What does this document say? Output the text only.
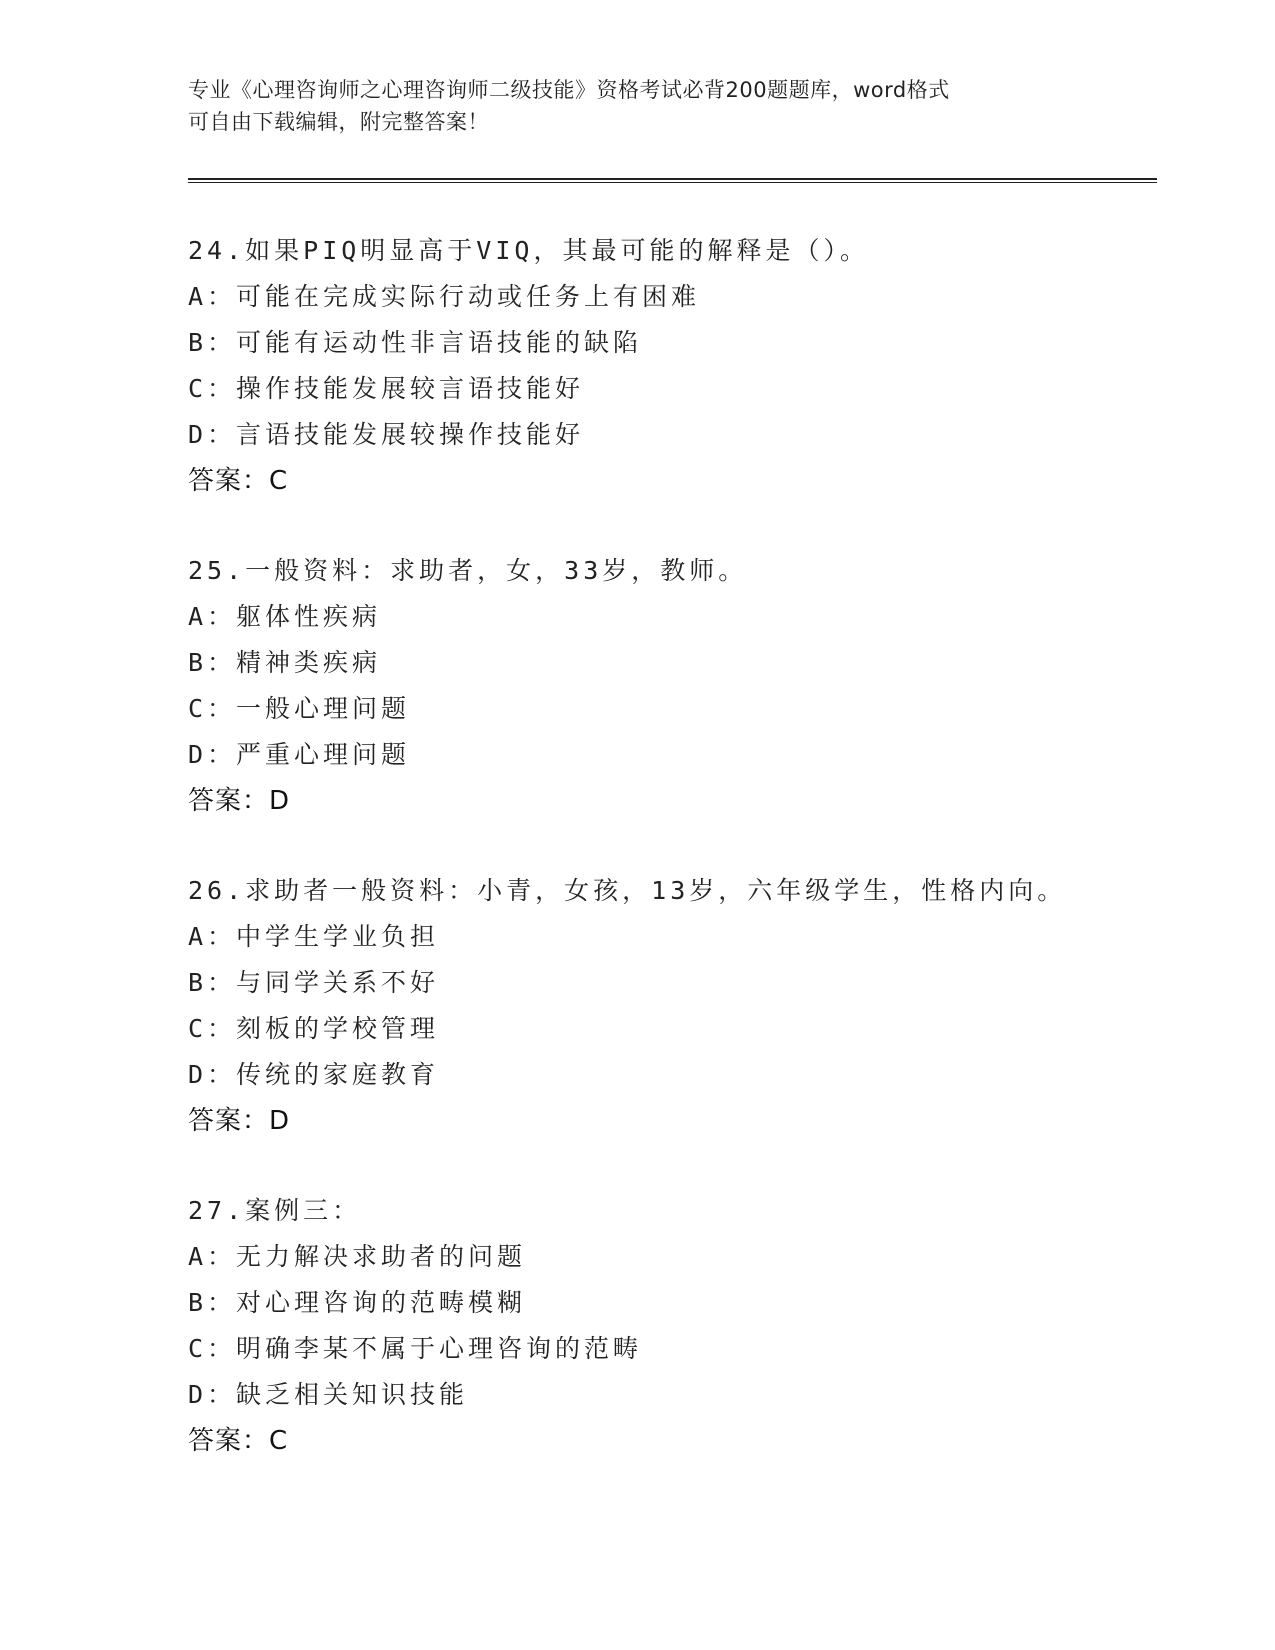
专业《心理咨询师之心理咨询师二级技能》资格考试必背200题题库，word格式
可自由下载编辑，附完整答案！
24.如果PIQ明显高于VIQ，其最可能的解释是（）。
A：可能在完成实际行动或任务上有困难
B：可能有运动性非言语技能的缺陷
C：操作技能发展较言语技能好
D：言语技能发展较操作技能好
答案：C
25.一般资料：求助者，女，33岁，教师。
A：躯体性疾病
B：精神类疾病
C：一般心理问题
D：严重心理问题
答案：D
26.求助者一般资料：小青，女孩，13岁，六年级学生，性格内向。
A：中学生学业负担
B：与同学关系不好
C：刻板的学校管理
D：传统的家庭教育
答案：D
27.案例三：
A：无力解决求助者的问题
B：对心理咨询的范畴模糊
C：明确李某不属于心理咨询的范畴
D：缺乏相关知识技能
答案：C
